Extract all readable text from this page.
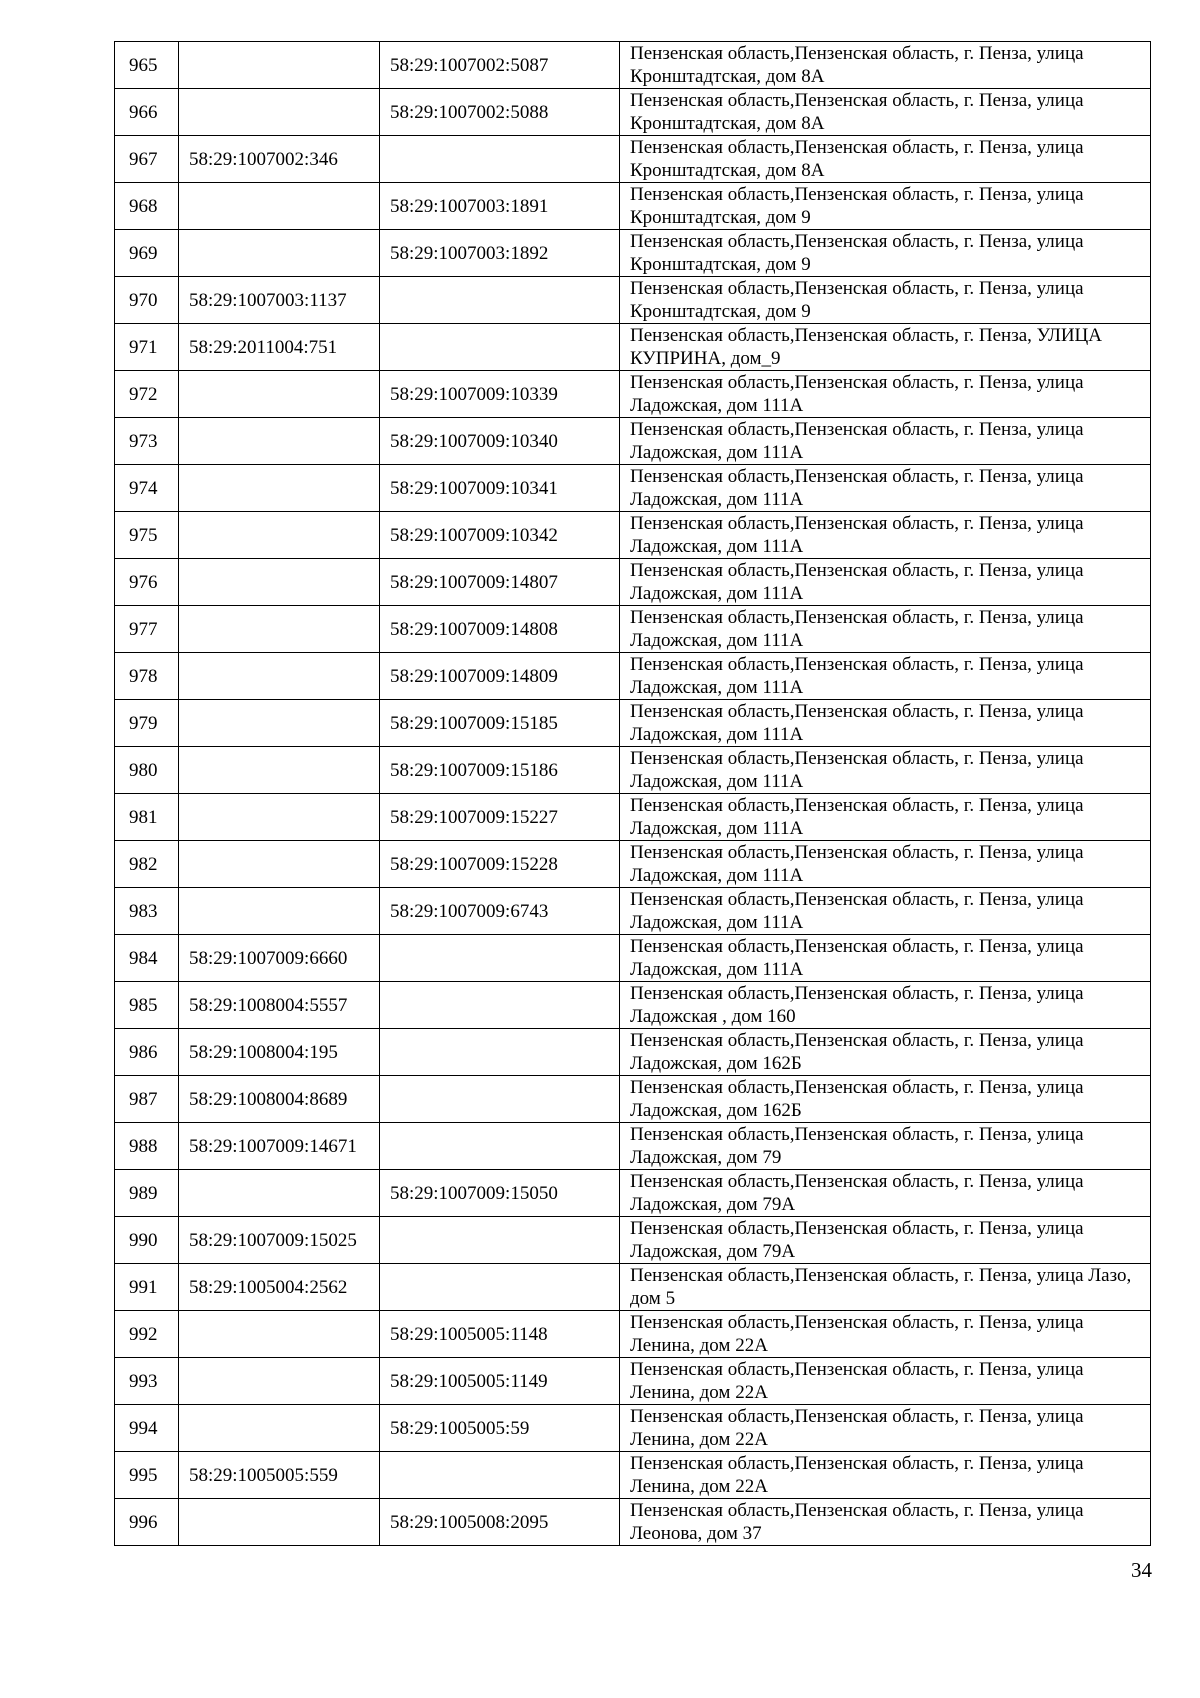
965		58:29:1007002:5087	Пензенская область,Пензенская область, г. Пенза, улица Кронштадтская, дом 8А
966		58:29:1007002:5088	Пензенская область,Пензенская область, г. Пенза, улица Кронштадтская, дом 8А
967	58:29:1007002:346		Пензенская область,Пензенская область, г. Пенза, улица Кронштадтская, дом 8А
968		58:29:1007003:1891	Пензенская область,Пензенская область, г. Пенза, улица Кронштадтская, дом 9
969		58:29:1007003:1892	Пензенская область,Пензенская область, г. Пенза, улица Кронштадтская, дом 9
970	58:29:1007003:1137		Пензенская область,Пензенская область, г. Пенза, улица Кронштадтская, дом 9
971	58:29:2011004:751		Пензенская область,Пензенская область, г. Пенза, УЛИЦА КУПРИНА, дом_9
972		58:29:1007009:10339	Пензенская область,Пензенская область, г. Пенза, улица Ладожская, дом 111А
973		58:29:1007009:10340	Пензенская область,Пензенская область, г. Пенза, улица Ладожская, дом 111А
974		58:29:1007009:10341	Пензенская область,Пензенская область, г. Пенза, улица Ладожская, дом 111А
975		58:29:1007009:10342	Пензенская область,Пензенская область, г. Пенза, улица Ладожская, дом 111А
976		58:29:1007009:14807	Пензенская область,Пензенская область, г. Пенза, улица Ладожская, дом 111А
977		58:29:1007009:14808	Пензенская область,Пензенская область, г. Пенза, улица Ладожская, дом 111А
978		58:29:1007009:14809	Пензенская область,Пензенская область, г. Пенза, улица Ладожская, дом 111А
979		58:29:1007009:15185	Пензенская область,Пензенская область, г. Пенза, улица Ладожская, дом 111А
980		58:29:1007009:15186	Пензенская область,Пензенская область, г. Пенза, улица Ладожская, дом 111А
981		58:29:1007009:15227	Пензенская область,Пензенская область, г. Пенза, улица Ладожская, дом 111А
982		58:29:1007009:15228	Пензенская область,Пензенская область, г. Пенза, улица Ладожская, дом 111А
983		58:29:1007009:6743	Пензенская область,Пензенская область, г. Пенза, улица Ладожская, дом 111А
984	58:29:1007009:6660		Пензенская область,Пензенская область, г. Пенза, улица Ладожская, дом 111А
985	58:29:1008004:5557		Пензенская область,Пензенская область, г. Пенза, улица Ладожская , дом 160
986	58:29:1008004:195		Пензенская область,Пензенская область, г. Пенза, улица Ладожская, дом 162Б
987	58:29:1008004:8689		Пензенская область,Пензенская область, г. Пенза, улица Ладожская, дом 162Б
988	58:29:1007009:14671		Пензенская область,Пензенская область, г. Пенза, улица Ладожская, дом 79
989		58:29:1007009:15050	Пензенская область,Пензенская область, г. Пенза, улица Ладожская, дом 79А
990	58:29:1007009:15025		Пензенская область,Пензенская область, г. Пенза, улица Ладожская, дом 79А
991	58:29:1005004:2562		Пензенская область,Пензенская область, г. Пенза, улица Лазо, дом 5
992		58:29:1005005:1148	Пензенская область,Пензенская область, г. Пенза, улица Ленина, дом 22А
993		58:29:1005005:1149	Пензенская область,Пензенская область, г. Пенза, улица Ленина, дом 22А
994		58:29:1005005:59	Пензенская область,Пензенская область, г. Пенза, улица Ленина, дом 22А
995	58:29:1005005:559		Пензенская область,Пензенская область, г. Пенза, улица Ленина, дом 22А
996		58:29:1005008:2095	Пензенская область,Пензенская область, г. Пенза, улица Леонова, дом 37
34
